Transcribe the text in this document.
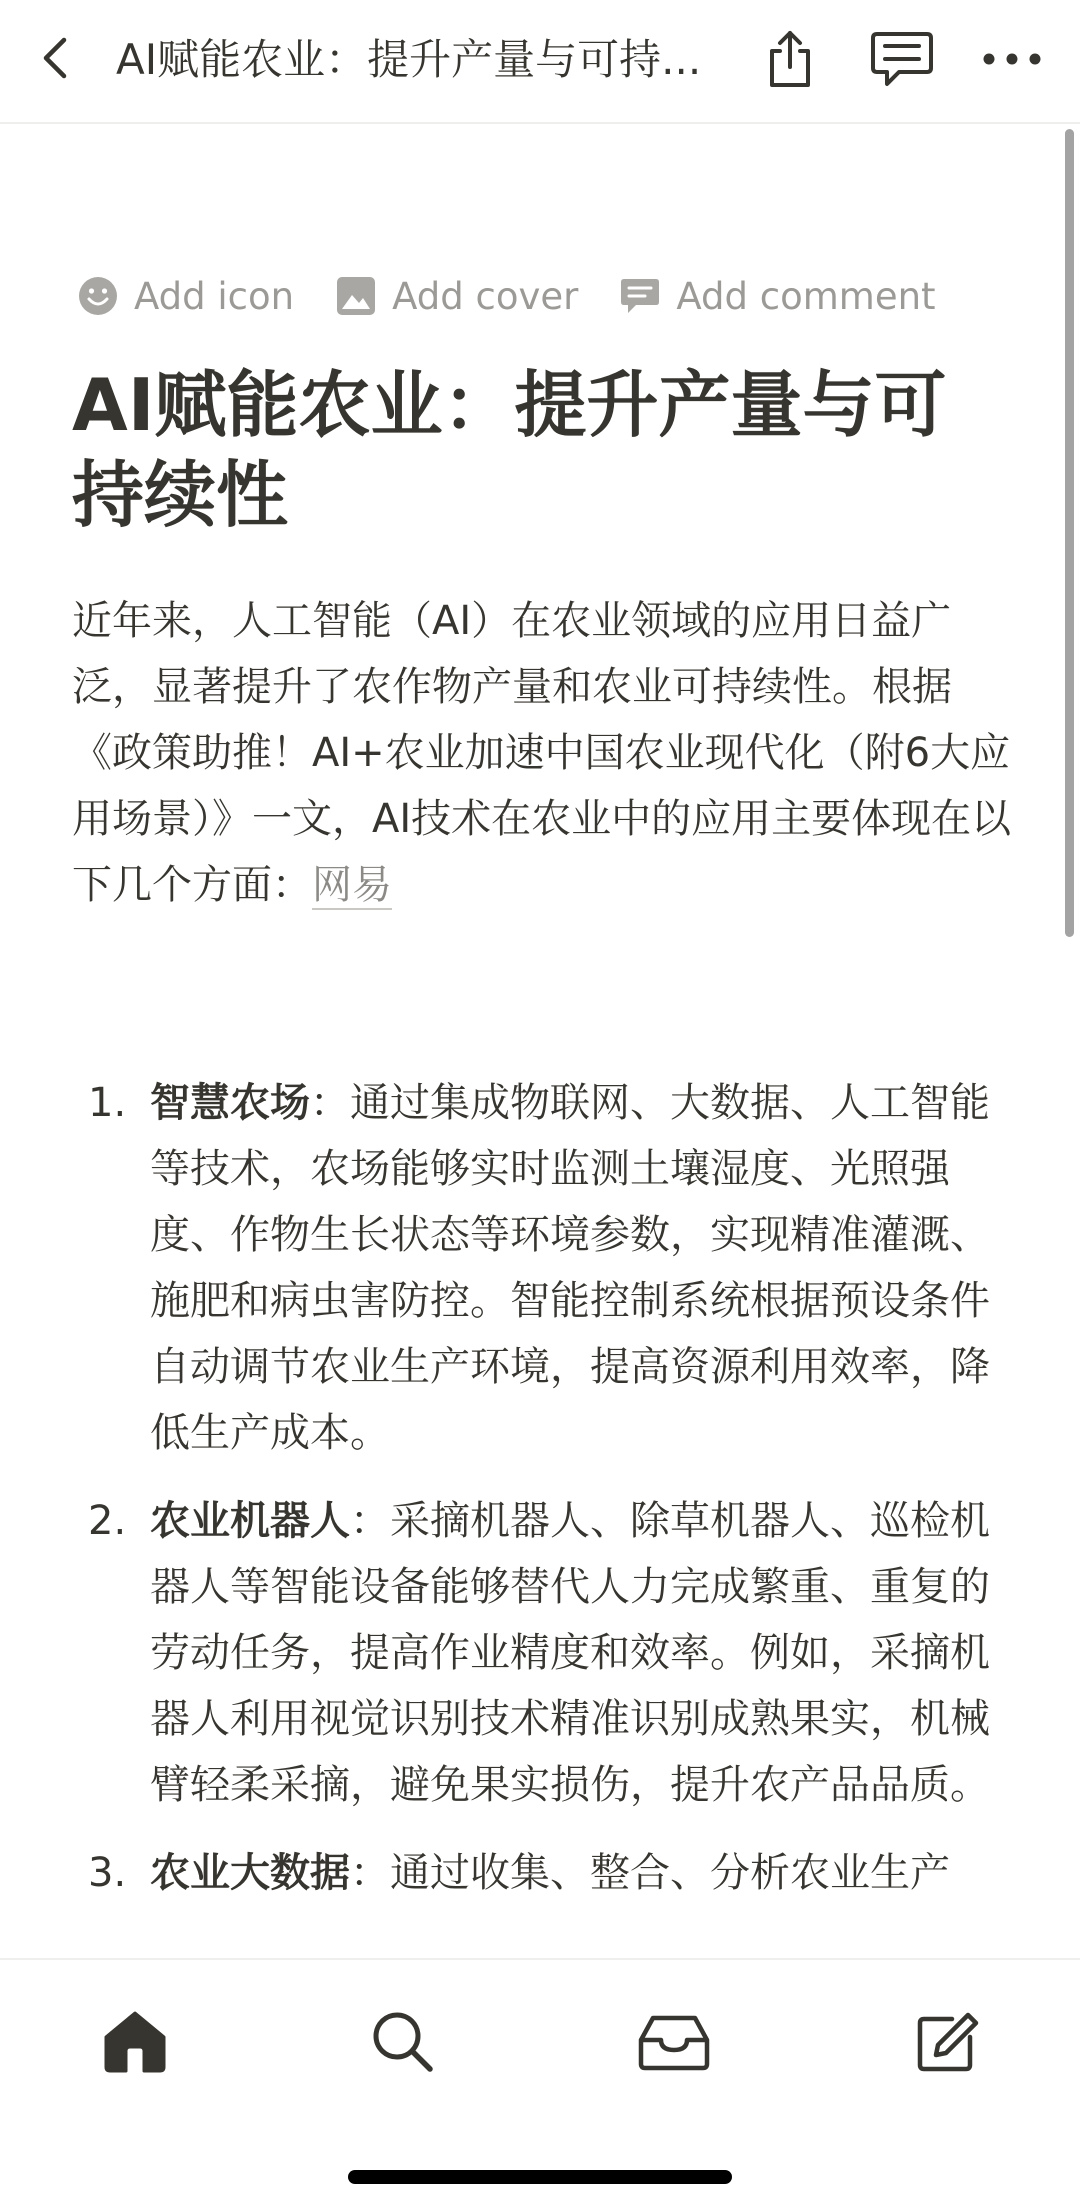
AI赋能农业：提升产量与可持...
Add icon	Add cover	Add comment
AI赋能农业：提升产量与可持续性

近年来，人工智能（AI）在农业领域的应用日益广泛，显著提升了农作物产量和农业可持续性。根据《政策助推！AI+农业加速中国农业现代化（附6大应用场景）》一文，AI技术在农业中的应用主要体现在以下几个方面：网易

1. 智慧农场：通过集成物联网、大数据、人工智能等技术，农场能够实时监测土壤湿度、光照强度、作物生长状态等环境参数，实现精准灌溉、施肥和病虫害防控。智能控制系统根据预设条件自动调节农业生产环境，提高资源利用效率，降低生产成本。
2. 农业机器人：采摘机器人、除草机器人、巡检机器人等智能设备能够替代人力完成繁重、重复的劳动任务，提高作业精度和效率。例如，采摘机器人利用视觉识别技术精准识别成熟果实，机械臂轻柔采摘，避免果实损伤，提升农产品品质。
3. 农业大数据：通过收集、整合、分析农业生产
